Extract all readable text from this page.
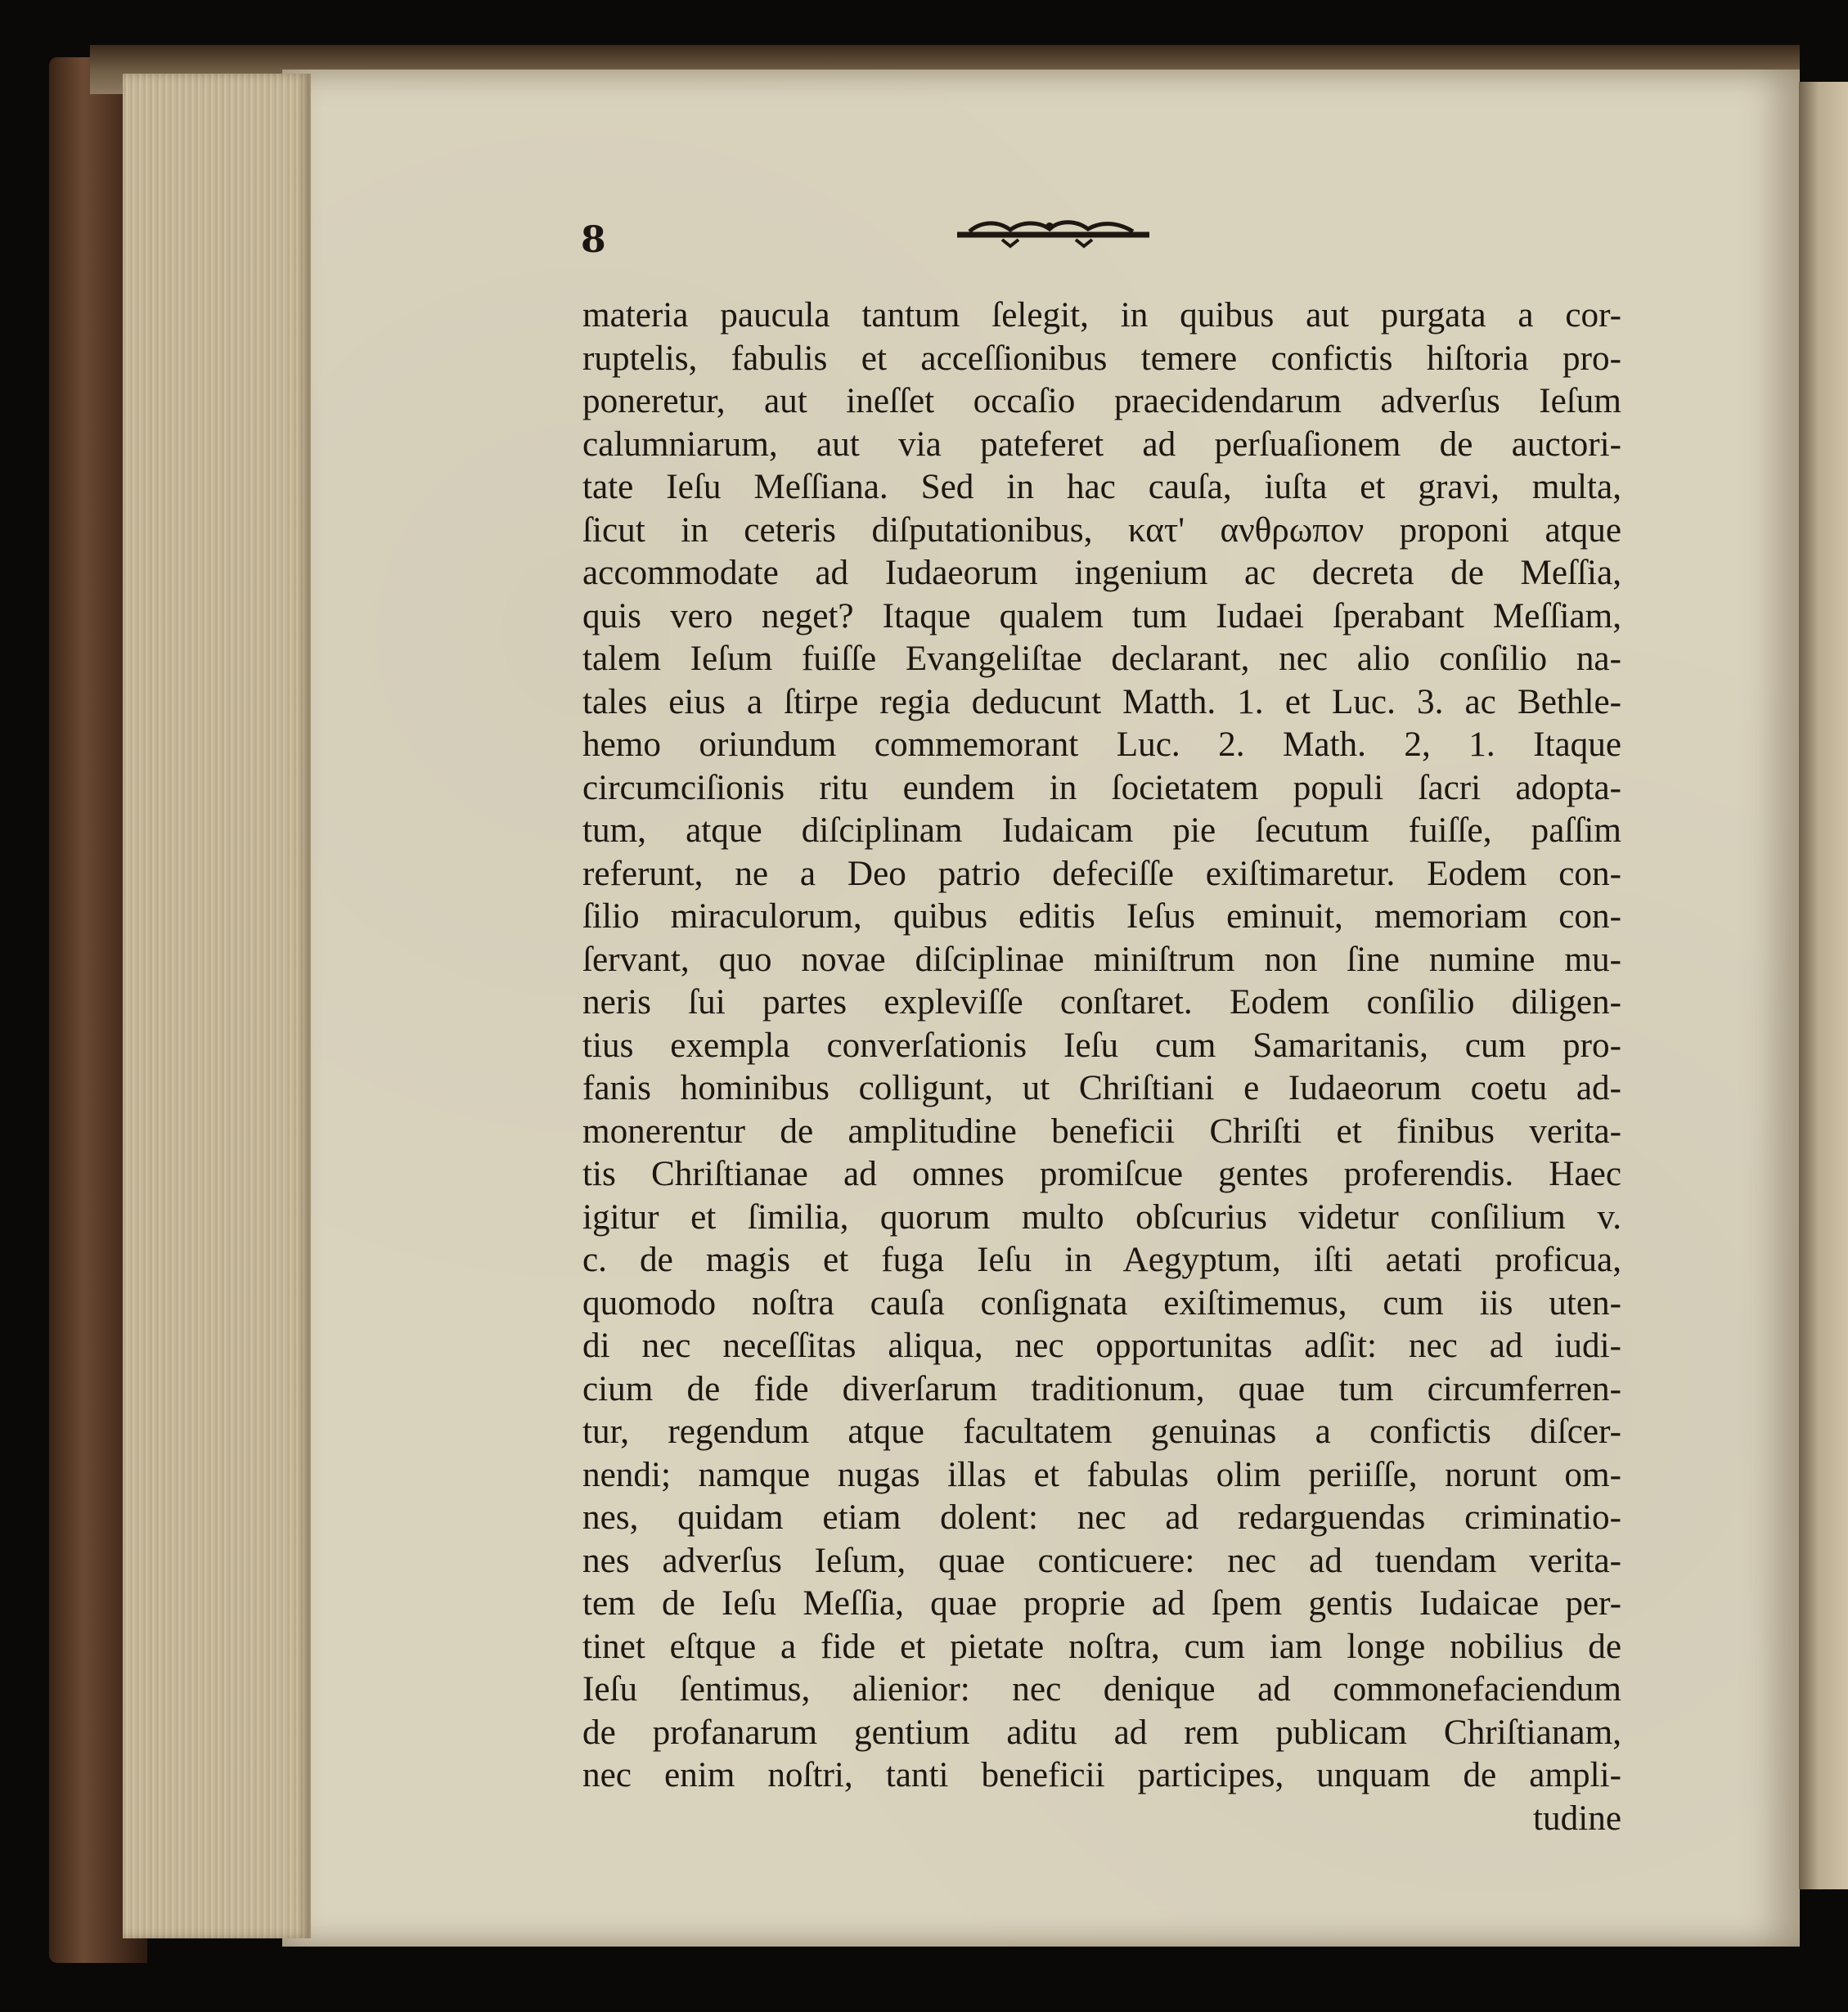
8
materia paucula tantum ſelegit, in quibus aut purgata a cor-
ruptelis, fabulis et acceſſionibus temere confictis hiſtoria pro-
poneretur, aut ineſſet occaſio praecidendarum adverſus Ieſum
calumniarum, aut via pateferet ad perſuaſionem de auctori-
tate Ieſu Meſſiana. Sed in hac cauſa, iuſta et gravi, multa,
ſicut in ceteris diſputationibus, κατ' ανθρωπον proponi atque
accommodate ad Iudaeorum ingenium ac decreta de Meſſia,
quis vero neget? Itaque qualem tum Iudaei ſperabant Meſſiam,
talem Ieſum fuiſſe Evangeliſtae declarant, nec alio conſilio na-
tales eius a ſtirpe regia deducunt Matth. 1. et Luc. 3. ac Bethle-
hemo oriundum commemorant Luc. 2. Math. 2, 1. Itaque
circumciſionis ritu eundem in ſocietatem populi ſacri adopta-
tum, atque diſciplinam Iudaicam pie ſecutum fuiſſe, paſſim
referunt, ne a Deo patrio defeciſſe exiſtimaretur. Eodem con-
ſilio miraculorum, quibus editis Ieſus eminuit, memoriam con-
ſervant, quo novae diſciplinae miniſtrum non ſine numine mu-
neris ſui partes expleviſſe conſtaret. Eodem conſilio diligen-
tius exempla converſationis Ieſu cum Samaritanis, cum pro-
fanis hominibus colligunt, ut Chriſtiani e Iudaeorum coetu ad-
monerentur de amplitudine beneficii Chriſti et finibus verita-
tis Chriſtianae ad omnes promiſcue gentes proferendis. Haec
igitur et ſimilia, quorum multo obſcurius videtur conſilium v.
c. de magis et fuga Ieſu in Aegyptum, iſti aetati proficua,
quomodo noſtra cauſa conſignata exiſtimemus, cum iis uten-
di nec neceſſitas aliqua, nec opportunitas adſit: nec ad iudi-
cium de fide diverſarum traditionum, quae tum circumferren-
tur, regendum atque facultatem genuinas a confictis diſcer-
nendi; namque nugas illas et fabulas olim periiſſe, norunt om-
nes, quidam etiam dolent: nec ad redarguendas criminatio-
nes adverſus Ieſum, quae conticuere: nec ad tuendam verita-
tem de Ieſu Meſſia, quae proprie ad ſpem gentis Iudaicae per-
tinet eſtque a fide et pietate noſtra, cum iam longe nobilius de
Ieſu ſentimus, alienior: nec denique ad commonefaciendum
de profanarum gentium aditu ad rem publicam Chriſtianam,
nec enim noſtri, tanti beneficii participes, unquam de ampli-
tudine
